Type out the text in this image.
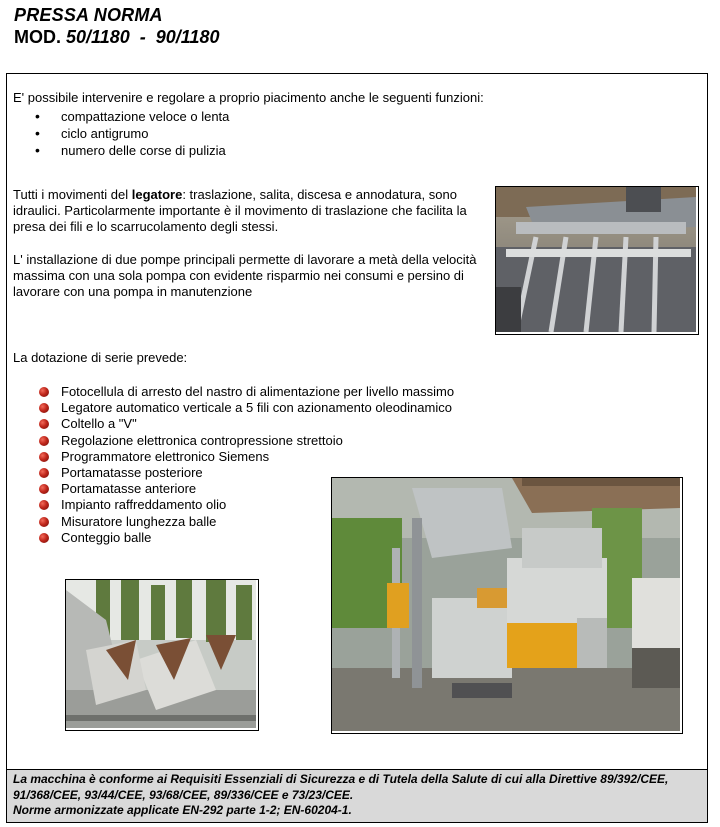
PRESSA NORMA
MOD. 50/1180  -  90/1180
E' possibile intervenire e regolare a proprio piacimento anche le seguenti funzioni:
• compattazione veloce o lenta
• ciclo antigrumo
• numero delle corse di pulizia
Tutti i movimenti del legatore: traslazione, salita, discesa e annodatura, sono idraulici. Particolarmente importante è il movimento di traslazione che facilita la presa dei fili e lo scarrucolamento degli stessi.
L' installazione di due pompe principali permette di lavorare a metà della velocità massima con una sola pompa con evidente risparmio nei consumi e persino di lavorare con una pompa in manutenzione
La dotazione di serie prevede:
Fotocellula di arresto del nastro di alimentazione per livello massimo
Legatore automatico verticale a 5 fili con azionamento oleodinamico
Coltello a "V"
Regolazione elettronica contropressione strettoio
Programmatore elettronico Siemens
Portamatasse posteriore
Portamatasse anteriore
Impianto raffreddamento olio
Misuratore lunghezza balle
Conteggio balle
La macchina è conforme ai Requisiti Essenziali di Sicurezza e di Tutela della Salute di cui alla Direttive 89/392/CEE, 91/368/CEE, 93/44/CEE, 93/68/CEE, 89/336/CEE e 73/23/CEE.
Norme armonizzate applicate EN-292 parte 1-2; EN-60204-1.
